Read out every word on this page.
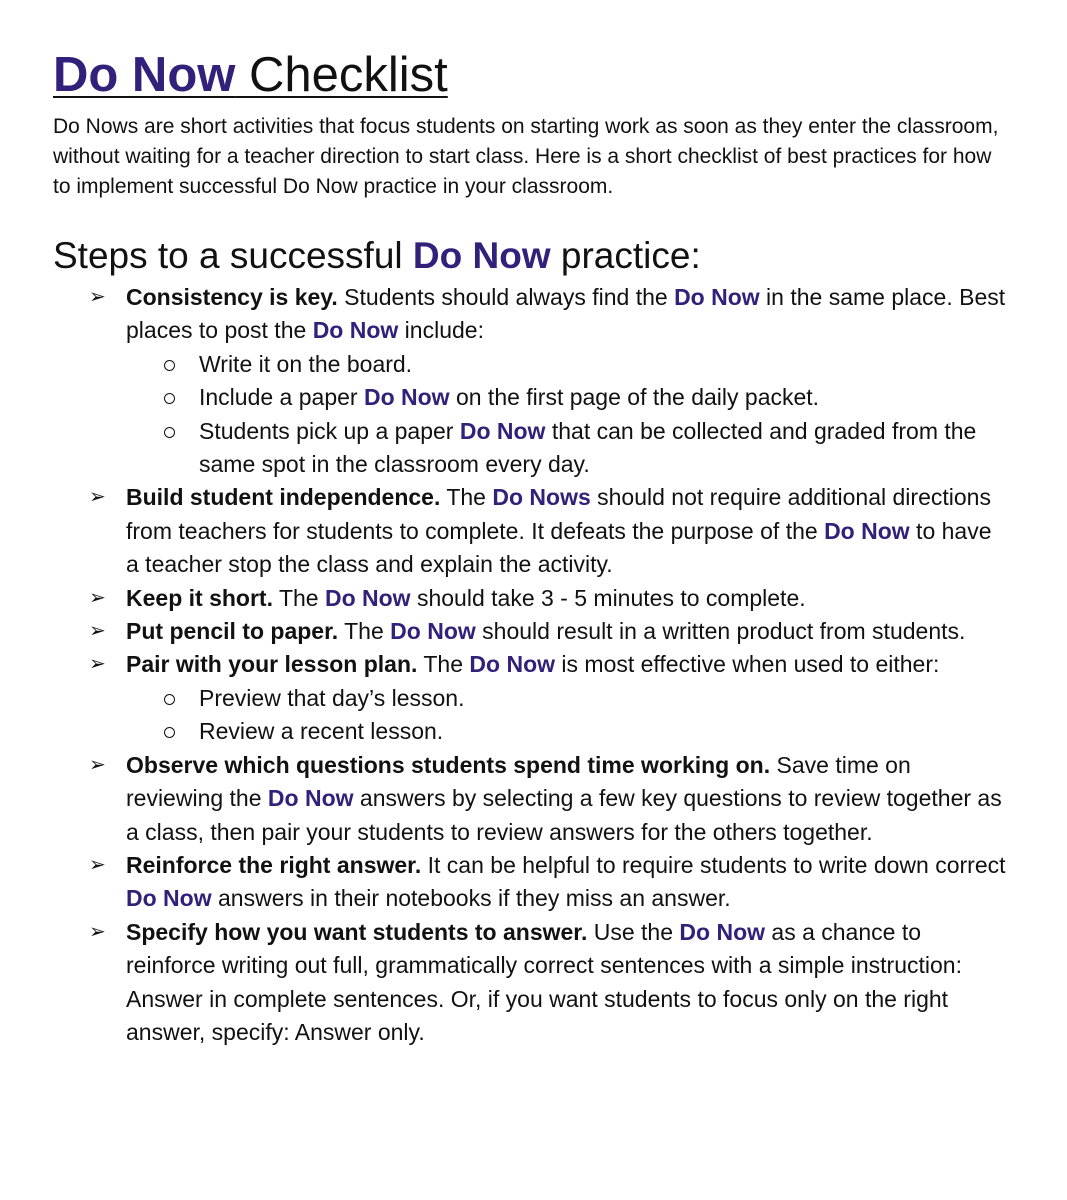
Do Now Checklist

Do Nows are short activities that focus students on starting work as soon as they enter the classroom, without waiting for a teacher direction to start class. Here is a short checklist of best practices for how to implement successful Do Now practice in your classroom.

Steps to a successful Do Now practice:
➢ Consistency is key. Students should always find the Do Now in the same place. Best places to post the Do Now include:
Write it on the board.
Include a paper Do Now on the first page of the daily packet.
Students pick up a paper Do Now that can be collected and graded from the same spot in the classroom every day.
➢ Build student independence. The Do Nows should not require additional directions from teachers for students to complete. It defeats the purpose of the Do Now to have a teacher stop the class and explain the activity.
➢ Keep it short. The Do Now should take 3 - 5 minutes to complete.
➢ Put pencil to paper. The Do Now should result in a written product from students.
➢ Pair with your lesson plan. The Do Now is most effective when used to either:
Preview that day’s lesson.
Review a recent lesson.
➢ Observe which questions students spend time working on. Save time on reviewing the Do Now answers by selecting a few key questions to review together as a class, then pair your students to review answers for the others together.
➢ Reinforce the right answer. It can be helpful to require students to write down correct Do Now answers in their notebooks if they miss an answer.
➢ Specify how you want students to answer. Use the Do Now as a chance to reinforce writing out full, grammatically correct sentences with a simple instruction: Answer in complete sentences. Or, if you want students to focus only on the right answer, specify: Answer only.
